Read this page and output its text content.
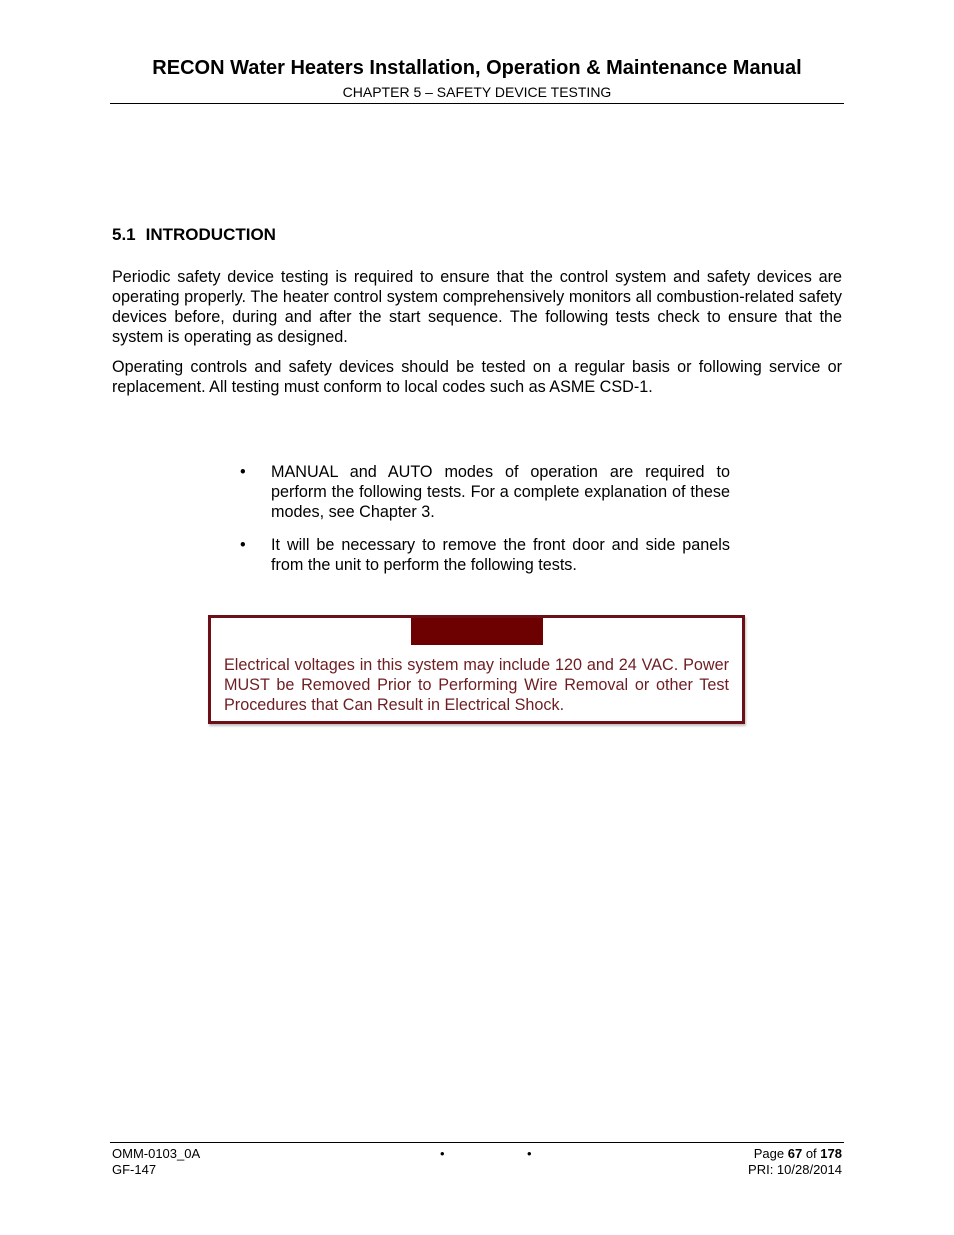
RECON Water Heaters Installation, Operation & Maintenance Manual
CHAPTER 5 – SAFETY DEVICE TESTING
5.1 INTRODUCTION

Periodic safety device testing is required to ensure that the control system and safety devices are operating properly. The heater control system comprehensively monitors all combustion-related safety devices before, during and after the start sequence. The following tests check to ensure that the system is operating as designed.

Operating controls and safety devices should be tested on a regular basis or following service or replacement. All testing must conform to local codes such as ASME CSD-1.

• MANUAL and AUTO modes of operation are required to perform the following tests. For a complete explanation of these modes, see Chapter 3.
• It will be necessary to remove the front door and side panels from the unit to perform the following tests.
Electrical voltages in this system may include 120 and 24 VAC. Power MUST be Removed Prior to Performing Wire Removal or other Test Procedures that Can Result in Electrical Shock.
OMM-0103_0A
GF-147
•	•	Page 67 of 178
PRI: 10/28/2014
